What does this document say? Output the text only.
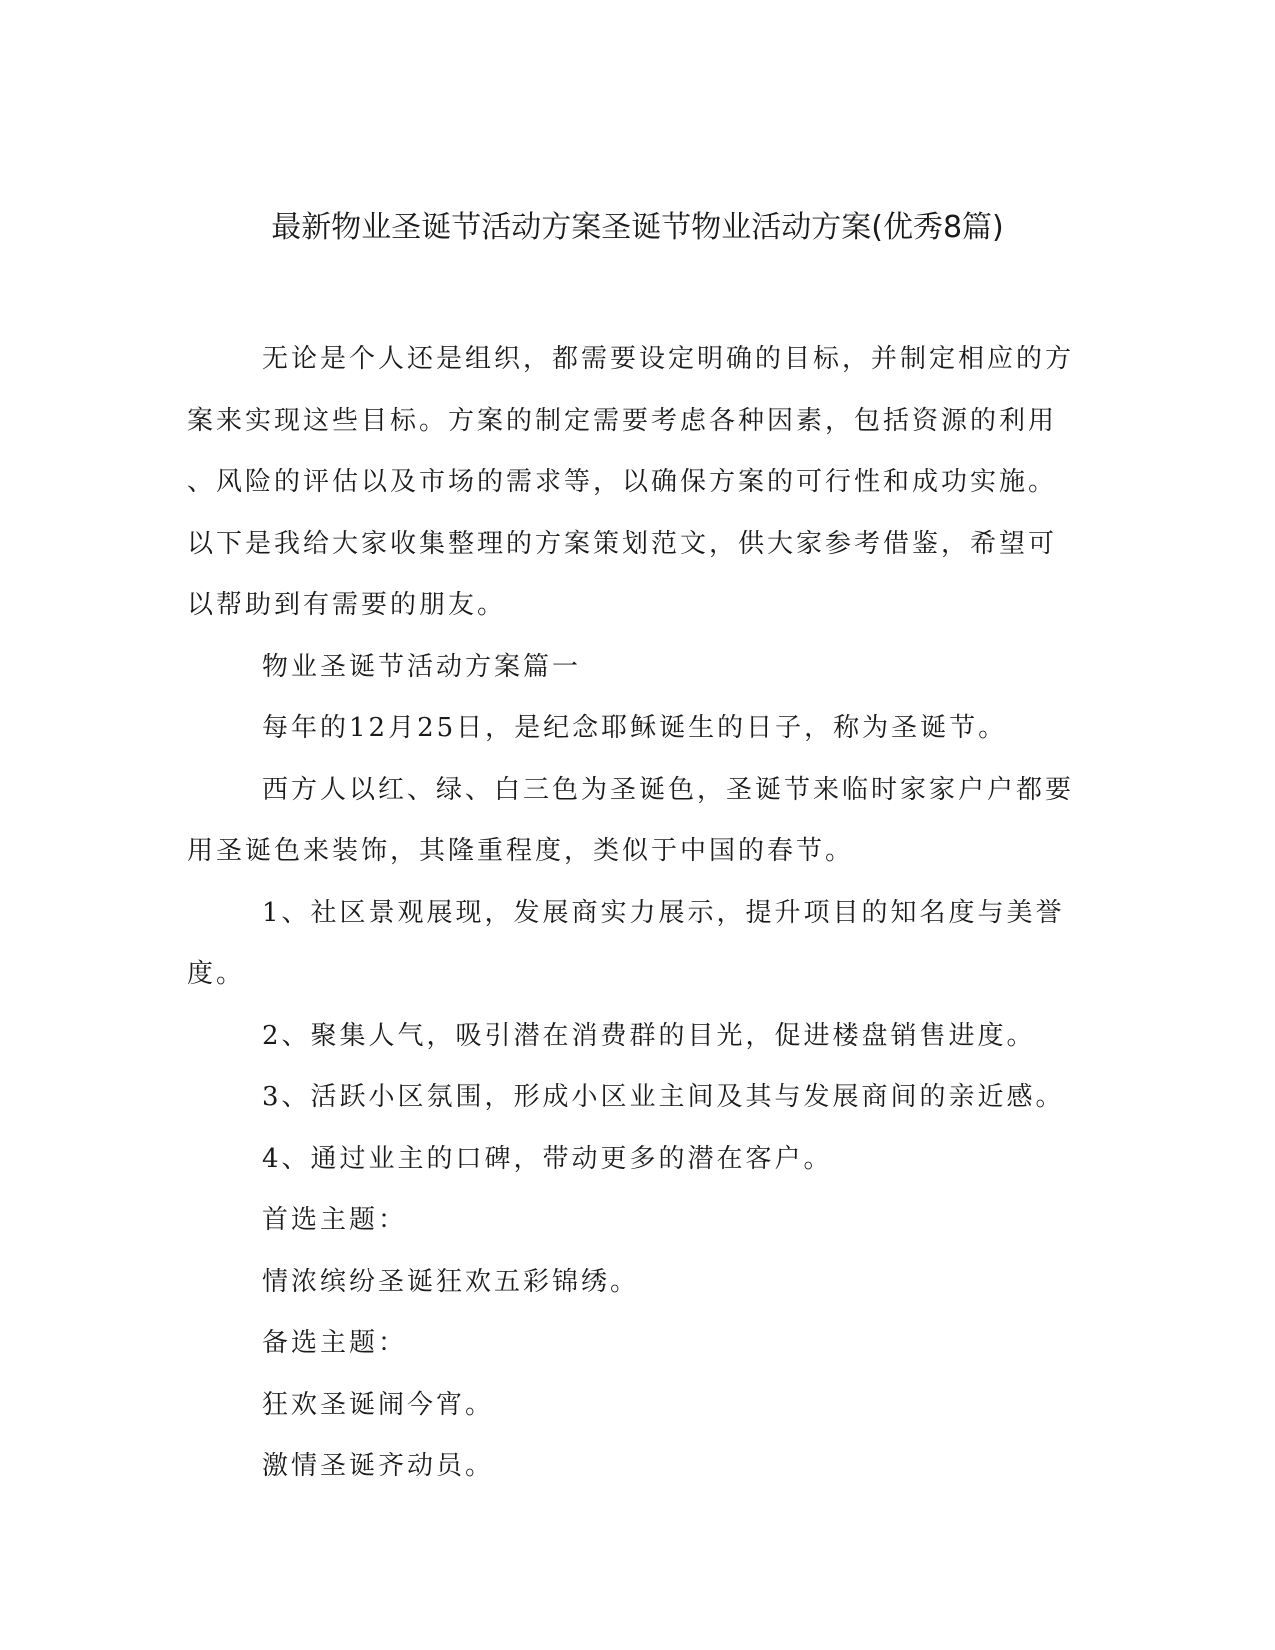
最新物业圣诞节活动方案圣诞节物业活动方案(优秀8篇)

无论是个人还是组织，都需要设定明确的目标，并制定相应的方

案来实现这些目标。方案的制定需要考虑各种因素，包括资源的利用

、风险的评估以及市场的需求等，以确保方案的可行性和成功实施。

以下是我给大家收集整理的方案策划范文，供大家参考借鉴，希望可

以帮助到有需要的朋友。

物业圣诞节活动方案篇一

每年的12月25日，是纪念耶稣诞生的日子，称为圣诞节。

西方人以红、绿、白三色为圣诞色，圣诞节来临时家家户户都要

用圣诞色来装饰，其隆重程度，类似于中国的春节。

1、社区景观展现，发展商实力展示，提升项目的知名度与美誉

度。

2、聚集人气，吸引潜在消费群的目光，促进楼盘销售进度。

3、活跃小区氛围，形成小区业主间及其与发展商间的亲近感。

4、通过业主的口碑，带动更多的潜在客户。

首选主题：

情浓缤纷圣诞狂欢五彩锦绣。

备选主题：

狂欢圣诞闹今宵。

激情圣诞齐动员。
